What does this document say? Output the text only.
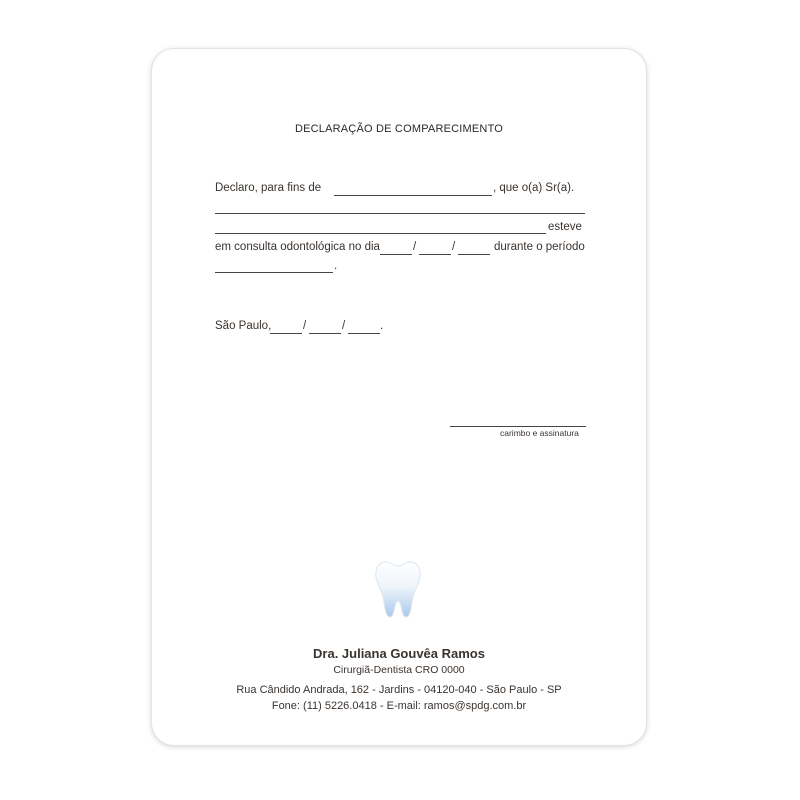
DECLARAÇÃO DE COMPARECIMENTO
Declaro, para fins de	, que o(a) Sr(a).
esteve
em consulta odontológica no dia	/	/	durante o período
.
São Paulo,	/	/	.
carimbo e assinatura
Dra. Juliana Gouvêa Ramos
Cirurgiã-Dentista CRO 0000
Rua Cândido Andrada, 162 - Jardins - 04120-040 - São Paulo - SP
Fone: (11) 5226.0418 - E-mail: ramos@spdg.com.br
